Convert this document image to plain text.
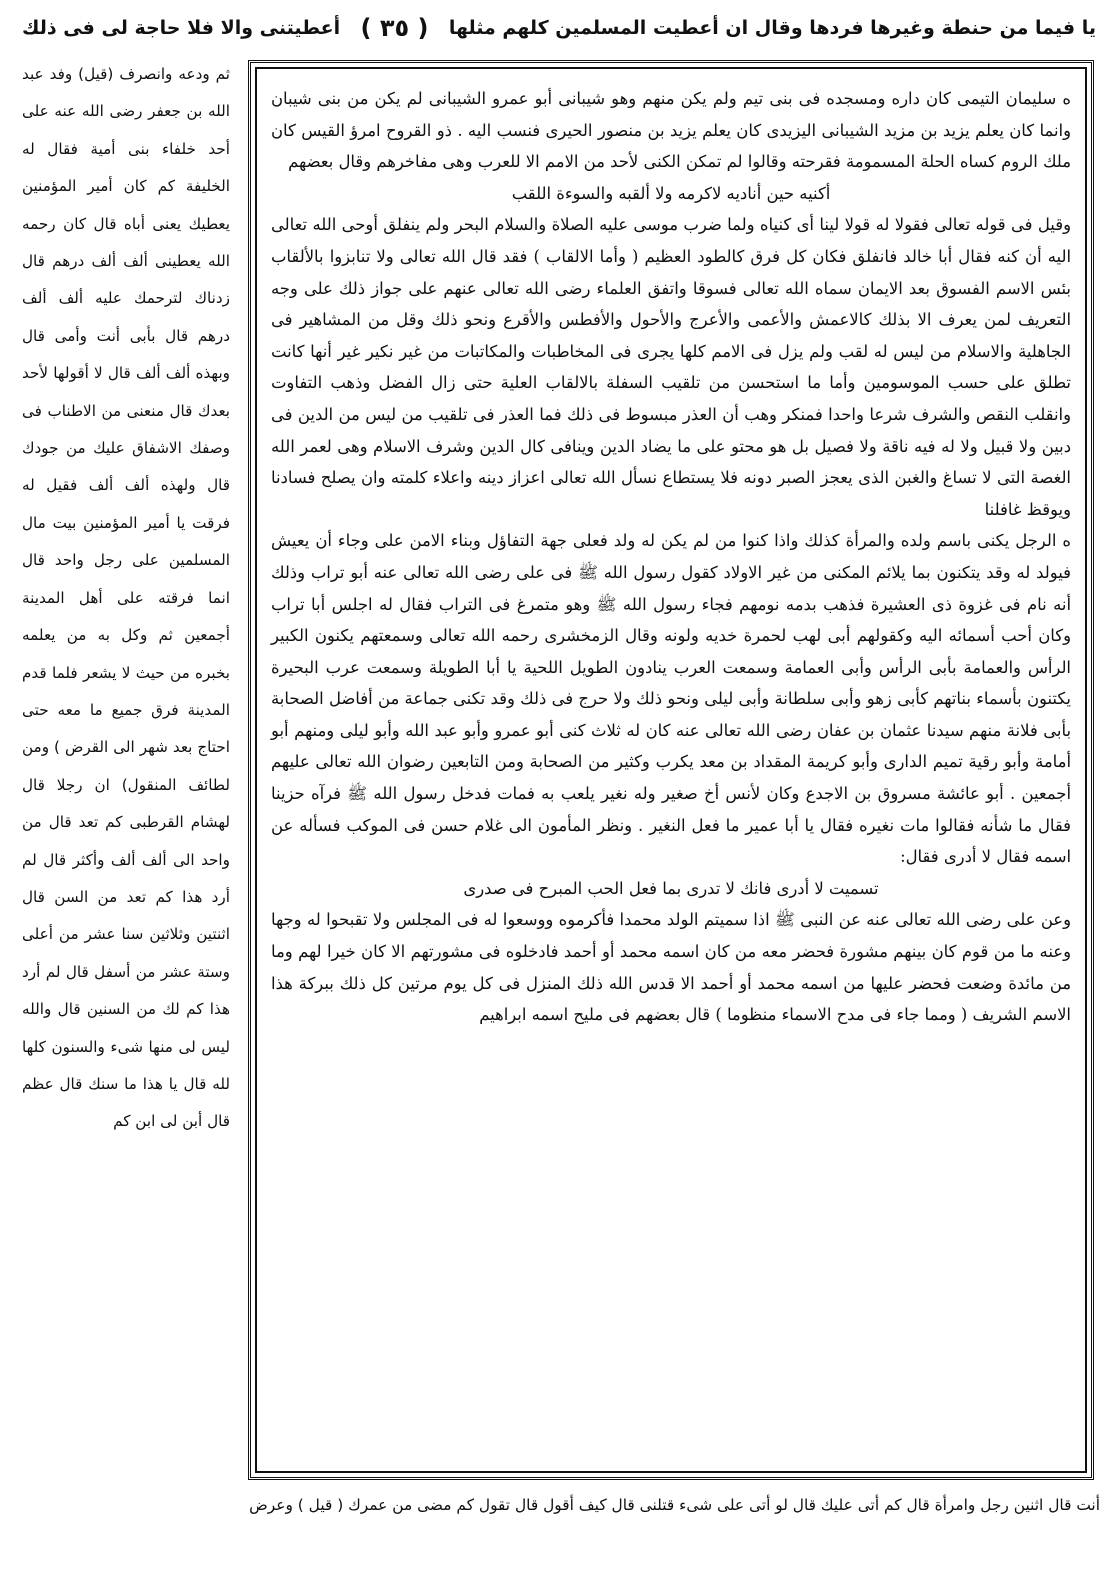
يا فيما من حنطة وغيرها فردها وقال ان أعطيت المسلمين كلهم مثلها
( ٣٥ )
أعطيتنى والا فلا حاجة لى فى ذلك

ه سليمان التيمى كان داره ومسجده فى بنى تيم ولم يكن منهم وهو شيبانى أبو عمرو الشيبانى لم يكن من بنى شيبان وانما كان يعلم يزيد بن مزيد الشيبانى اليزيدى كان يعلم يزيد بن منصور الحيرى فنسب اليه . ذو القروح امرؤ القيس كان ملك الروم كساه الحلة المسمومة فقرحته وقالوا لم تمكن الكنى لأحد من الامم الا للعرب وهى مفاخرهم وقال بعضهم

أكنيه حين أناديه لاكرمه ولا ألقبه والسوءة اللقب

وقيل فى قوله تعالى فقولا له قولا لينا أى كنياه ولما ضرب موسى عليه الصلاة والسلام البحر ولم ينفلق أوحى الله تعالى اليه أن كنه فقال أبا خالد فانفلق فكان كل فرق كالطود العظيم ( وأما الالقاب ) فقد قال الله تعالى ولا تنابزوا بالألقاب بئس الاسم الفسوق بعد الايمان سماه الله تعالى فسوقا واتفق العلماء رضى الله تعالى عنهم على جواز ذلك على وجه التعريف لمن يعرف الا بذلك كالاعمش والأعمى والأعرج والأحول والأفطس والأقرع ونحو ذلك وقل من المشاهير فى الجاهلية والاسلام من ليس له لقب ولم يزل فى الامم كلها يجرى فى المخاطبات والمكاتبات من غير نكير غير أنها كانت تطلق على حسب الموسومين وأما ما استحسن من تلقيب السفلة بالالقاب العلية حتى زال الفضل وذهب التفاوت وانقلب النقص والشرف شرعا واحدا فمنكر وهب أن العذر مبسوط فى ذلك فما العذر فى تلقيب من ليس من الدين فى دبين ولا قبيل ولا له فيه ناقة ولا فصيل بل هو محتو على ما يضاد الدين وينافى كال الدين وشرف الاسلام وهى لعمر الله الغصة التى لا تساغ والغبن الذى يعجز الصبر دونه فلا يستطاع نسأل الله تعالى اعزاز دينه واعلاء كلمته وان يصلح فسادنا ويوقظ غافلنا

ه الرجل يكنى باسم ولده والمرأة كذلك واذا كنوا من لم يكن له ولد فعلى جهة التفاؤل وبناء الامن على وجاء أن يعيش فيولد له وقد يتكنون بما يلائم المكنى من غير الاولاد كقول رسول الله ﷺ فى على رضى الله تعالى عنه أبو تراب وذلك أنه نام فى غزوة ذى العشيرة فذهب بدمه نومهم فجاء رسول الله ﷺ وهو متمرغ فى التراب فقال له اجلس أبا تراب وكان أحب أسمائه اليه وكقولهم أبى لهب لحمرة خديه ولونه وقال الزمخشرى رحمه الله تعالى وسمعتهم يكنون الكبير الرأس والعمامة بأبى الرأس وأبى العمامة وسمعت العرب ينادون الطويل اللحية يا أبا الطويلة وسمعت عرب البحيرة يكتنون بأسماء بناتهم كأبى زهو وأبى سلطانة وأبى ليلى ونحو ذلك ولا حرج فى ذلك وقد تكنى جماعة من أفاضل الصحابة بأبى فلانة منهم سيدنا عثمان بن عفان رضى الله تعالى عنه كان له ثلاث كنى أبو عمرو وأبو عبد الله وأبو ليلى ومنهم أبو أمامة وأبو رقية تميم الدارى وأبو كريمة المقداد بن معد يكرب وكثير من الصحابة ومن التابعين رضوان الله تعالى عليهم أجمعين . أبو عائشة مسروق بن الاجدع وكان لأنس أخ صغير وله نغير يلعب به فمات فدخل رسول الله ﷺ فرآه حزينا فقال ما شأنه فقالوا مات نغيره فقال يا أبا عمير ما فعل النغير . ونظر المأمون الى غلام حسن فى الموكب فسأله عن اسمه فقال لا أدرى فقال:

تسميت لا أدرى فانك لا تدرى بما فعل الحب المبرح فى صدرى

وعن على رضى الله تعالى عنه عن النبى ﷺ اذا سميتم الولد محمدا فأكرموه ووسعوا له فى المجلس ولا تقبحوا له وجها وعنه ما من قوم كان بينهم مشورة فحضر معه من كان اسمه محمد أو أحمد فادخلوه فى مشورتهم الا كان خيرا لهم وما من مائدة وضعت فحضر عليها من اسمه محمد أو أحمد الا قدس الله ذلك المنزل فى كل يوم مرتين كل ذلك ببركة هذا الاسم الشريف ( ومما جاء فى مدح الاسماء منظوما ) قال بعضهم فى مليح اسمه ابراهيم

ثم ودعه وانصرف (قيل) وفد عبد الله بن جعفر رضى الله عنه على أحد خلفاء بنى أمية فقال له الخليفة كم كان أمير المؤمنين يعطيك يعنى أباه قال كان رحمه الله يعطينى ألف ألف درهم قال زدناك لترحمك عليه ألف ألف درهم قال بأبى أنت وأمى قال وبهذه ألف ألف قال لا أقولها لأحد بعدك قال منعنى من الاطناب فى وصفك الاشفاق عليك من جودك قال ولهذه ألف ألف فقيل له فرقت يا أمير المؤمنين بيت مال المسلمين على رجل واحد قال انما فرقته على أهل المدينة أجمعين ثم وكل به من يعلمه بخبره من حيث لا يشعر فلما قدم المدينة فرق جميع ما معه حتى احتاج بعد شهر الى القرض ) ومن لطائف المنقول) ان رجلا قال لهشام القرطبى كم تعد قال من واحد الى ألف ألف وأكثر قال لم أرد هذا كم تعد من السن قال اثنتين وثلاثين سنا عشر من أعلى وستة عشر من أسفل قال لم أرد هذا كم لك من السنين قال والله ليس لى منها شىء والسنون كلها لله قال يا هذا ما سنك قال عظم قال أبن لى ابن كم

أنت قال اثنين رجل وامرأة قال كم أتى عليك قال لو أتى على شىء قتلنى قال كيف أقول قال تقول كم مضى من عمرك ( قيل ) وعرض
